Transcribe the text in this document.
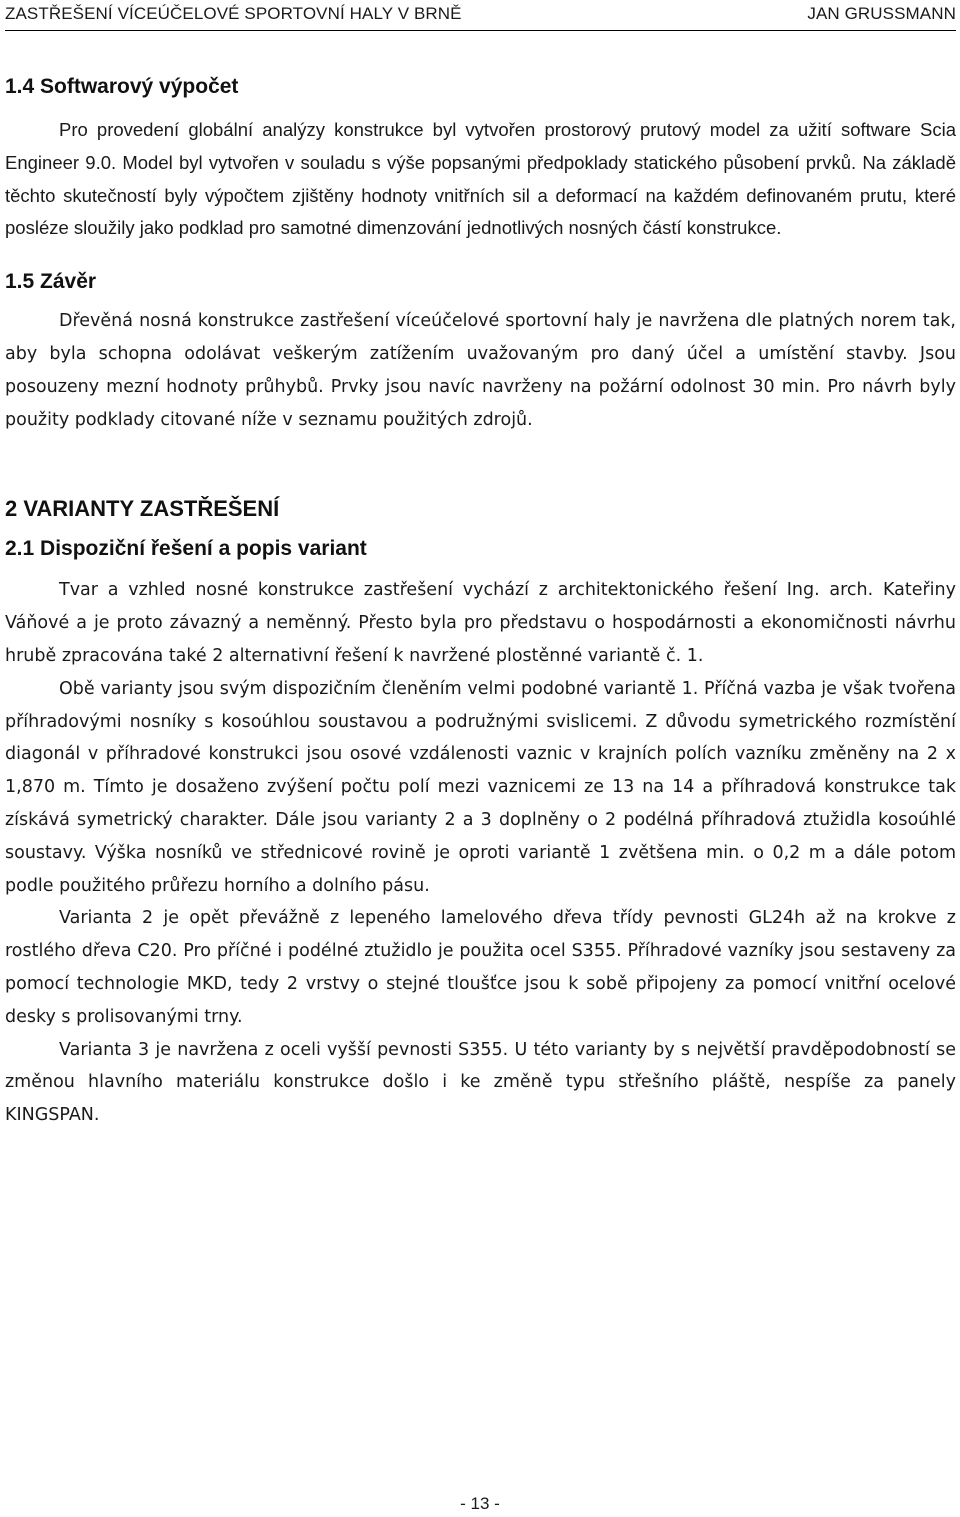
ZASTŘEŠENÍ VÍCEÚČELOVÉ SPORTOVNÍ HALY V BRNĚ	JAN GRUSSMANN
1.4 Softwarový výpočet

Pro provedení globální analýzy konstrukce byl vytvořen prostorový prutový model za užití software Scia Engineer 9.0. Model byl vytvořen v souladu s výše popsanými předpoklady statického působení prvků. Na základě těchto skutečností byly výpočtem zjištěny hodnoty vnitřních sil a deformací na každém definovaném prutu, které posléze sloužily jako podklad pro samotné dimenzování jednotlivých nosných částí konstrukce.

1.5 Závěr

Dřevěná nosná konstrukce zastřešení víceúčelové sportovní haly je navržena dle platných norem tak, aby byla schopna odolávat veškerým zatížením uvažovaným pro daný účel a umístění stavby. Jsou posouzeny mezní hodnoty průhybů. Prvky jsou navíc navrženy na požární odolnost 30 min. Pro návrh byly použity podklady citované níže v seznamu použitých zdrojů.

2 VARIANTY ZASTŘEŠENÍ
2.1 Dispoziční řešení a popis variant

Tvar a vzhled nosné konstrukce zastřešení vychází z architektonického řešení Ing. arch. Kateřiny Váňové a je proto závazný a neměnný. Přesto byla pro představu o hospodárnosti a ekonomičnosti návrhu hrubě zpracována také 2 alternativní řešení k navržené plostěnné variantě č. 1.

Obě varianty jsou svým dispozičním členěním velmi podobné variantě 1. Příčná vazba je však tvořena příhradovými nosníky s kosoúhlou soustavou a podružnými svislicemi. Z důvodu symetrického rozmístění diagonál v příhradové konstrukci jsou osové vzdálenosti vaznic v krajních polích vazníku změněny na 2 x 1,870 m. Tímto je dosaženo zvýšení počtu polí mezi vaznicemi ze 13 na 14 a příhradová konstrukce tak získává symetrický charakter. Dále jsou varianty 2 a 3 doplněny o 2 podélná příhradová ztužidla kosoúhlé soustavy. Výška nosníků ve střednicové rovině je oproti variantě 1 zvětšena min. o 0,2 m a dále potom podle použitého průřezu horního a dolního pásu.

Varianta 2 je opět převážně z lepeného lamelového dřeva třídy pevnosti GL24h až na krokve z rostlého dřeva C20. Pro příčné i podélné ztužidlo je použita ocel S355. Příhradové vazníky jsou sestaveny za pomocí technologie MKD, tedy 2 vrstvy o stejné tloušťce jsou k sobě připojeny za pomocí vnitřní ocelové desky s prolisovanými trny.

Varianta 3 je navržena z oceli vyšší pevnosti S355. U této varianty by s největší pravděpodobností se změnou hlavního materiálu konstrukce došlo i ke změně typu střešního pláště, nespíše za panely KINGSPAN.

- 13 -
